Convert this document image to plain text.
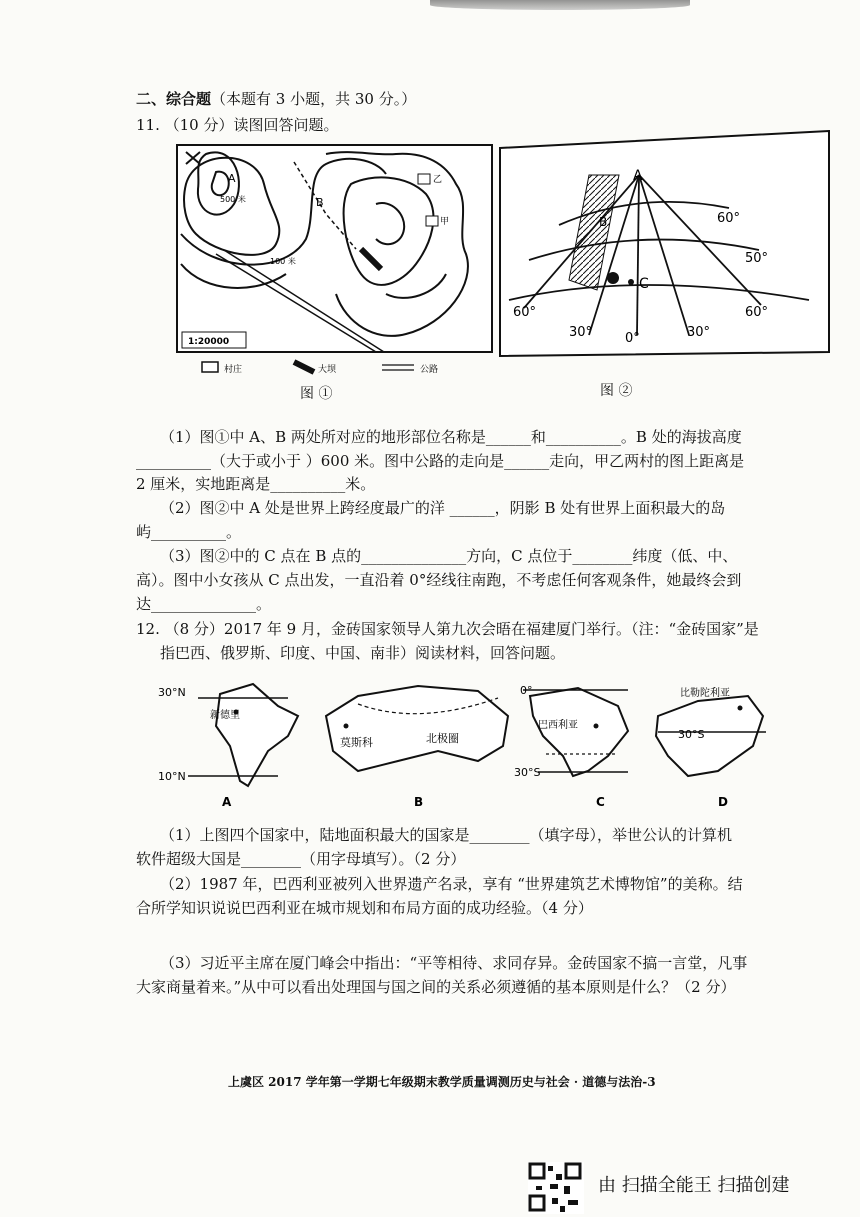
二、综合题（本题有 3 小题，共 30 分。）
11. （10 分）读图回答问题。
A
B
乙
甲
500 米
100 米
1:20000
村庄	大坝	公路
图 ①
A
B
C
60°
50°
60°	60°
30°	0°	30°
图 ②
（1）图①中 A、B 两处所对应的地形部位名称是______和__________。B 处的海拔高度
__________（大于或小于 ）600 米。图中公路的走向是______走向，甲乙两村的图上距离是
2 厘米，实地距离是__________米。
（2）图②中 A 处是世界上跨经度最广的洋 ______，阴影 B 处有世界上面积最大的岛
屿__________。
（3）图②中的 C 点在 B 点的______________方向，C 点位于________纬度（低、中、
高）。图中小女孩从 C 点出发，一直沿着 0°经线往南跑，不考虑任何客观条件，她最终会到
达______________。
12. （8 分）2017 年 9 月，金砖国家领导人第九次会晤在福建厦门举行。（注：“金砖国家”是
指巴西、俄罗斯、印度、中国、南非）阅读材料，回答问题。
30°N
10°N
新德里
A
莫斯科	北极圈
B
0°
30°S
巴西利亚
C
比勒陀利亚
30°S
D
（1）上图四个国家中，陆地面积最大的国家是________（填字母），举世公认的计算机
软件超级大国是________（用字母填写）。（2 分）
（2）1987 年，巴西利亚被列入世界遗产名录，享有 “世界建筑艺术博物馆”的美称。结
合所学知识说说巴西利亚在城市规划和布局方面的成功经验。（4 分）
（3）习近平主席在厦门峰会中指出：“平等相待、求同存异。金砖国家不搞一言堂，凡事
大家商量着来。”从中可以看出处理国与国之间的关系必须遵循的基本原则是什么？（2 分）
上虞区 2017 学年第一学期七年级期末教学质量调测历史与社会 · 道德与法治-3
由 扫描全能王 扫描创建
